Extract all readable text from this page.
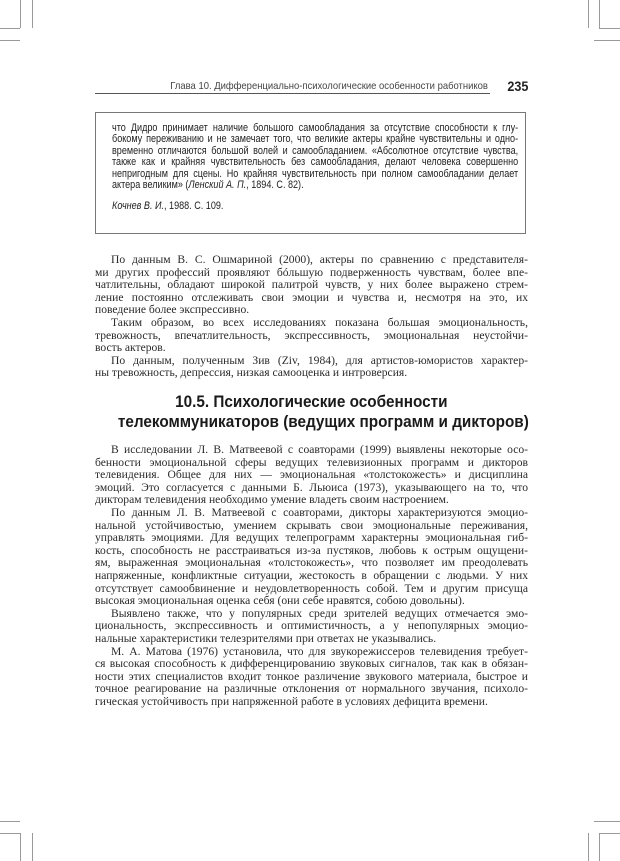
Глава 10. Дифференциально-психологические особенности работников 235
что Дидро принимает наличие большого самообладания за отсутствие способности к глу-
бокому переживанию и не замечает того, что великие актеры крайне чувствительны и одно-
временно отличаются большой волей и самообладанием. «Абсолютное отсутствие чувства,
также как и крайняя чувствительность без самообладания, делают человека совершенно
непригодным для сцены. Но крайняя чувствительность при полном самообладании делает
актера великим» (Ленский А. П., 1894. С. 82).
Кочнев В. И., 1988. С. 109.
По данным В. С. Ошмариной (2000), актеры по сравнению с представителя-
ми других профессий проявляют бóльшую подверженность чувствам, более впе-
чатлительны, обладают широкой палитрой чувств, у них более выражено стрем-
ление постоянно отслеживать свои эмоции и чувства и, несмотря на это, их
поведение более экспрессивно.
Таким образом, во всех исследованиях показана большая эмоциональность,
тревожность, впечатлительность, экспрессивность, эмоциональная неустойчи-
вость актеров.
По данным, полученным Зив (Ziv, 1984), для артистов-юмористов характер-
ны тревожность, депрессия, низкая самооценка и интроверсия.
10.5. Психологические особенности
телекоммуникаторов (ведущих программ и дикторов)
В исследовании Л. В. Матвеевой с соавторами (1999) выявлены некоторые осо-
бенности эмоциональной сферы ведущих телевизионных программ и дикторов
телевидения. Общее для них — эмоциональная «толстокожесть» и дисциплина
эмоций. Это согласуется с данными Б. Льюиса (1973), указывающего на то, что
дикторам телевидения необходимо умение владеть своим настроением.
По данным Л. В. Матвеевой с соавторами, дикторы характеризуются эмоцио-
нальной устойчивостью, умением скрывать свои эмоциональные переживания,
управлять эмоциями. Для ведущих телепрограмм характерны эмоциональная гиб-
кость, способность не расстраиваться из-за пустяков, любовь к острым ощущени-
ям, выраженная эмоциональная «толстокожесть», что позволяет им преодолевать
напряженные, конфликтные ситуации, жестокость в обращении с людьми. У них
отсутствует самообвинение и неудовлетворенность собой. Тем и другим присуща
высокая эмоциональная оценка себя (они себе нравятся, собою довольны).
Выявлено также, что у популярных среди зрителей ведущих отмечается эмо-
циональность, экспрессивность и оптимистичность, а у непопулярных эмоцио-
нальные характеристики телезрителями при ответах не указывались.
М. А. Матова (1976) установила, что для звукорежиссеров телевидения требует-
ся высокая способность к дифференцированию звуковых сигналов, так как в обязан-
ности этих специалистов входит тонкое различение звукового материала, быстрое и
точное реагирование на различные отклонения от нормального звучания, психоло-
гическая устойчивость при напряженной работе в условиях дефицита времени.
